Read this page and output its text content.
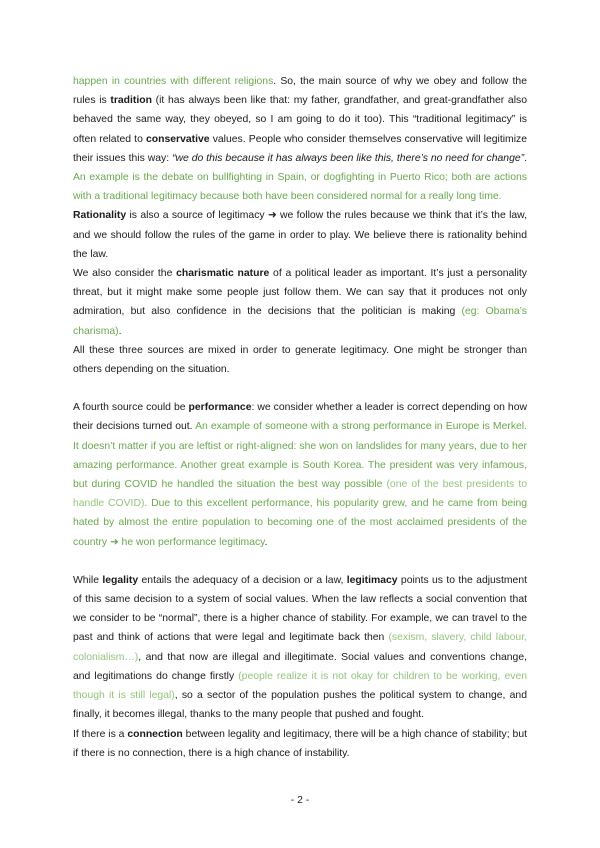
happen in countries with different religions. So, the main source of why we obey and follow the rules is tradition (it has always been like that: my father, grandfather, and great-grandfather also behaved the same way, they obeyed, so I am going to do it too). This “traditional legitimacy” is often related to conservative values. People who consider themselves conservative will legitimize their issues this way: “we do this because it has always been like this, there’s no need for change”. An example is the debate on bullfighting in Spain, or dogfighting in Puerto Rico; both are actions with a traditional legitimacy because both have been considered normal for a really long time.

Rationality is also a source of legitimacy ➜ we follow the rules because we think that it’s the law, and we should follow the rules of the game in order to play. We believe there is rationality behind the law.

We also consider the charismatic nature of a political leader as important. It’s just a personality threat, but it might make some people just follow them. We can say that it produces not only admiration, but also confidence in the decisions that the politician is making (eg: Obama’s charisma).

All these three sources are mixed in order to generate legitimacy. One might be stronger than others depending on the situation.

A fourth source could be performance: we consider whether a leader is correct depending on how their decisions turned out. An example of someone with a strong performance in Europe is Merkel. It doesn’t matter if you are leftist or right-aligned: she won on landslides for many years, due to her amazing performance. Another great example is South Korea. The president was very infamous, but during COVID he handled the situation the best way possible (one of the best presidents to handle COVID). Due to this excellent performance, his popularity grew, and he came from being hated by almost the entire population to becoming one of the most acclaimed presidents of the country ➜ he won performance legitimacy.

While legality entails the adequacy of a decision or a law, legitimacy points us to the adjustment of this same decision to a system of social values. When the law reflects a social convention that we consider to be “normal”, there is a higher chance of stability. For example, we can travel to the past and think of actions that were legal and legitimate back then (sexism, slavery, child labour, colonialism…), and that now are illegal and illegitimate. Social values and conventions change, and legitimations do change firstly (people realize it is not okay for children to be working, even though it is still legal), so a sector of the population pushes the political system to change, and finally, it becomes illegal, thanks to the many people that pushed and fought.

If there is a connection between legality and legitimacy, there will be a high chance of stability; but if there is no connection, there is a high chance of instability.

- 2 -
